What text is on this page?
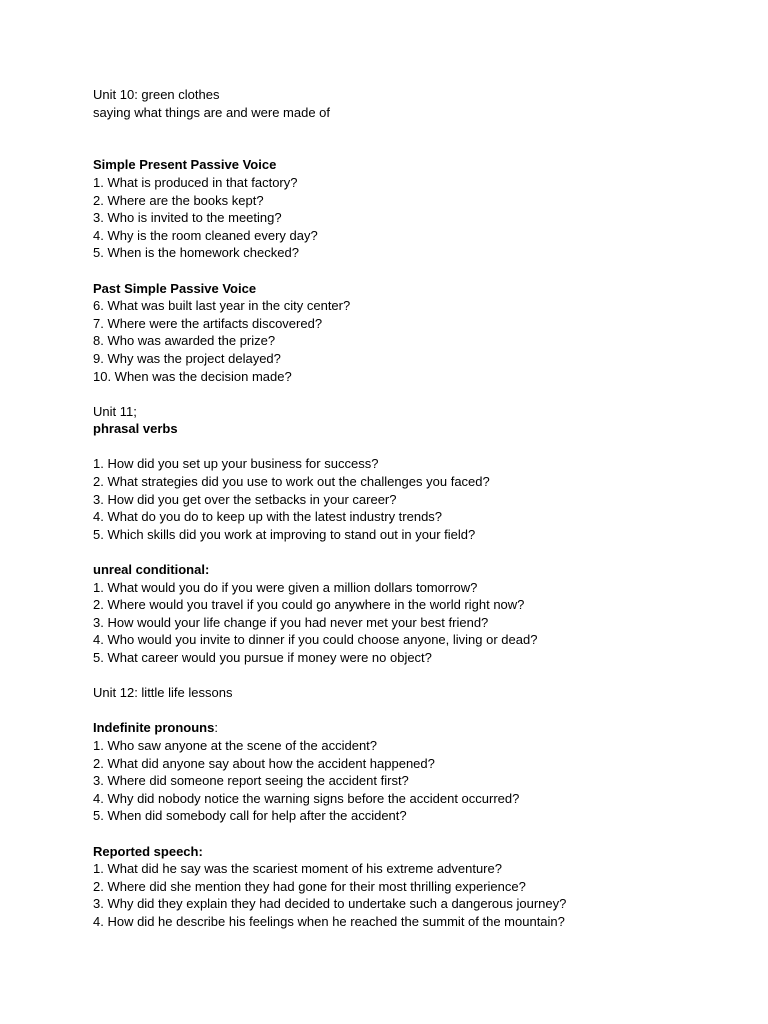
Unit 10: green clothes
saying what things are and were made of
Simple Present Passive Voice
1. What is produced in that factory?
2. Where are the books kept?
3. Who is invited to the meeting?
4. Why is the room cleaned every day?
5. When is the homework checked?
Past Simple Passive Voice
6. What was built last year in the city center?
7. Where were the artifacts discovered?
8. Who was awarded the prize?
9. Why was the project delayed?
10. When was the decision made?
Unit 11;
phrasal verbs
1. How did you set up your business for success?
2. What strategies did you use to work out the challenges you faced?
3. How did you get over the setbacks in your career?
4. What do you do to keep up with the latest industry trends?
5. Which skills did you work at improving to stand out in your field?
unreal conditional:
1. What would you do if you were given a million dollars tomorrow?
2. Where would you travel if you could go anywhere in the world right now?
3. How would your life change if you had never met your best friend?
4. Who would you invite to dinner if you could choose anyone, living or dead?
5. What career would you pursue if money were no object?
Unit 12: little life lessons
Indefinite pronouns:
1. Who saw anyone at the scene of the accident?
2. What did anyone say about how the accident happened?
3. Where did someone report seeing the accident first?
4. Why did nobody notice the warning signs before the accident occurred?
5. When did somebody call for help after the accident?
Reported speech:
1. What did he say was the scariest moment of his extreme adventure?
2. Where did she mention they had gone for their most thrilling experience?
3. Why did they explain they had decided to undertake such a dangerous journey?
4. How did he describe his feelings when he reached the summit of the mountain?
